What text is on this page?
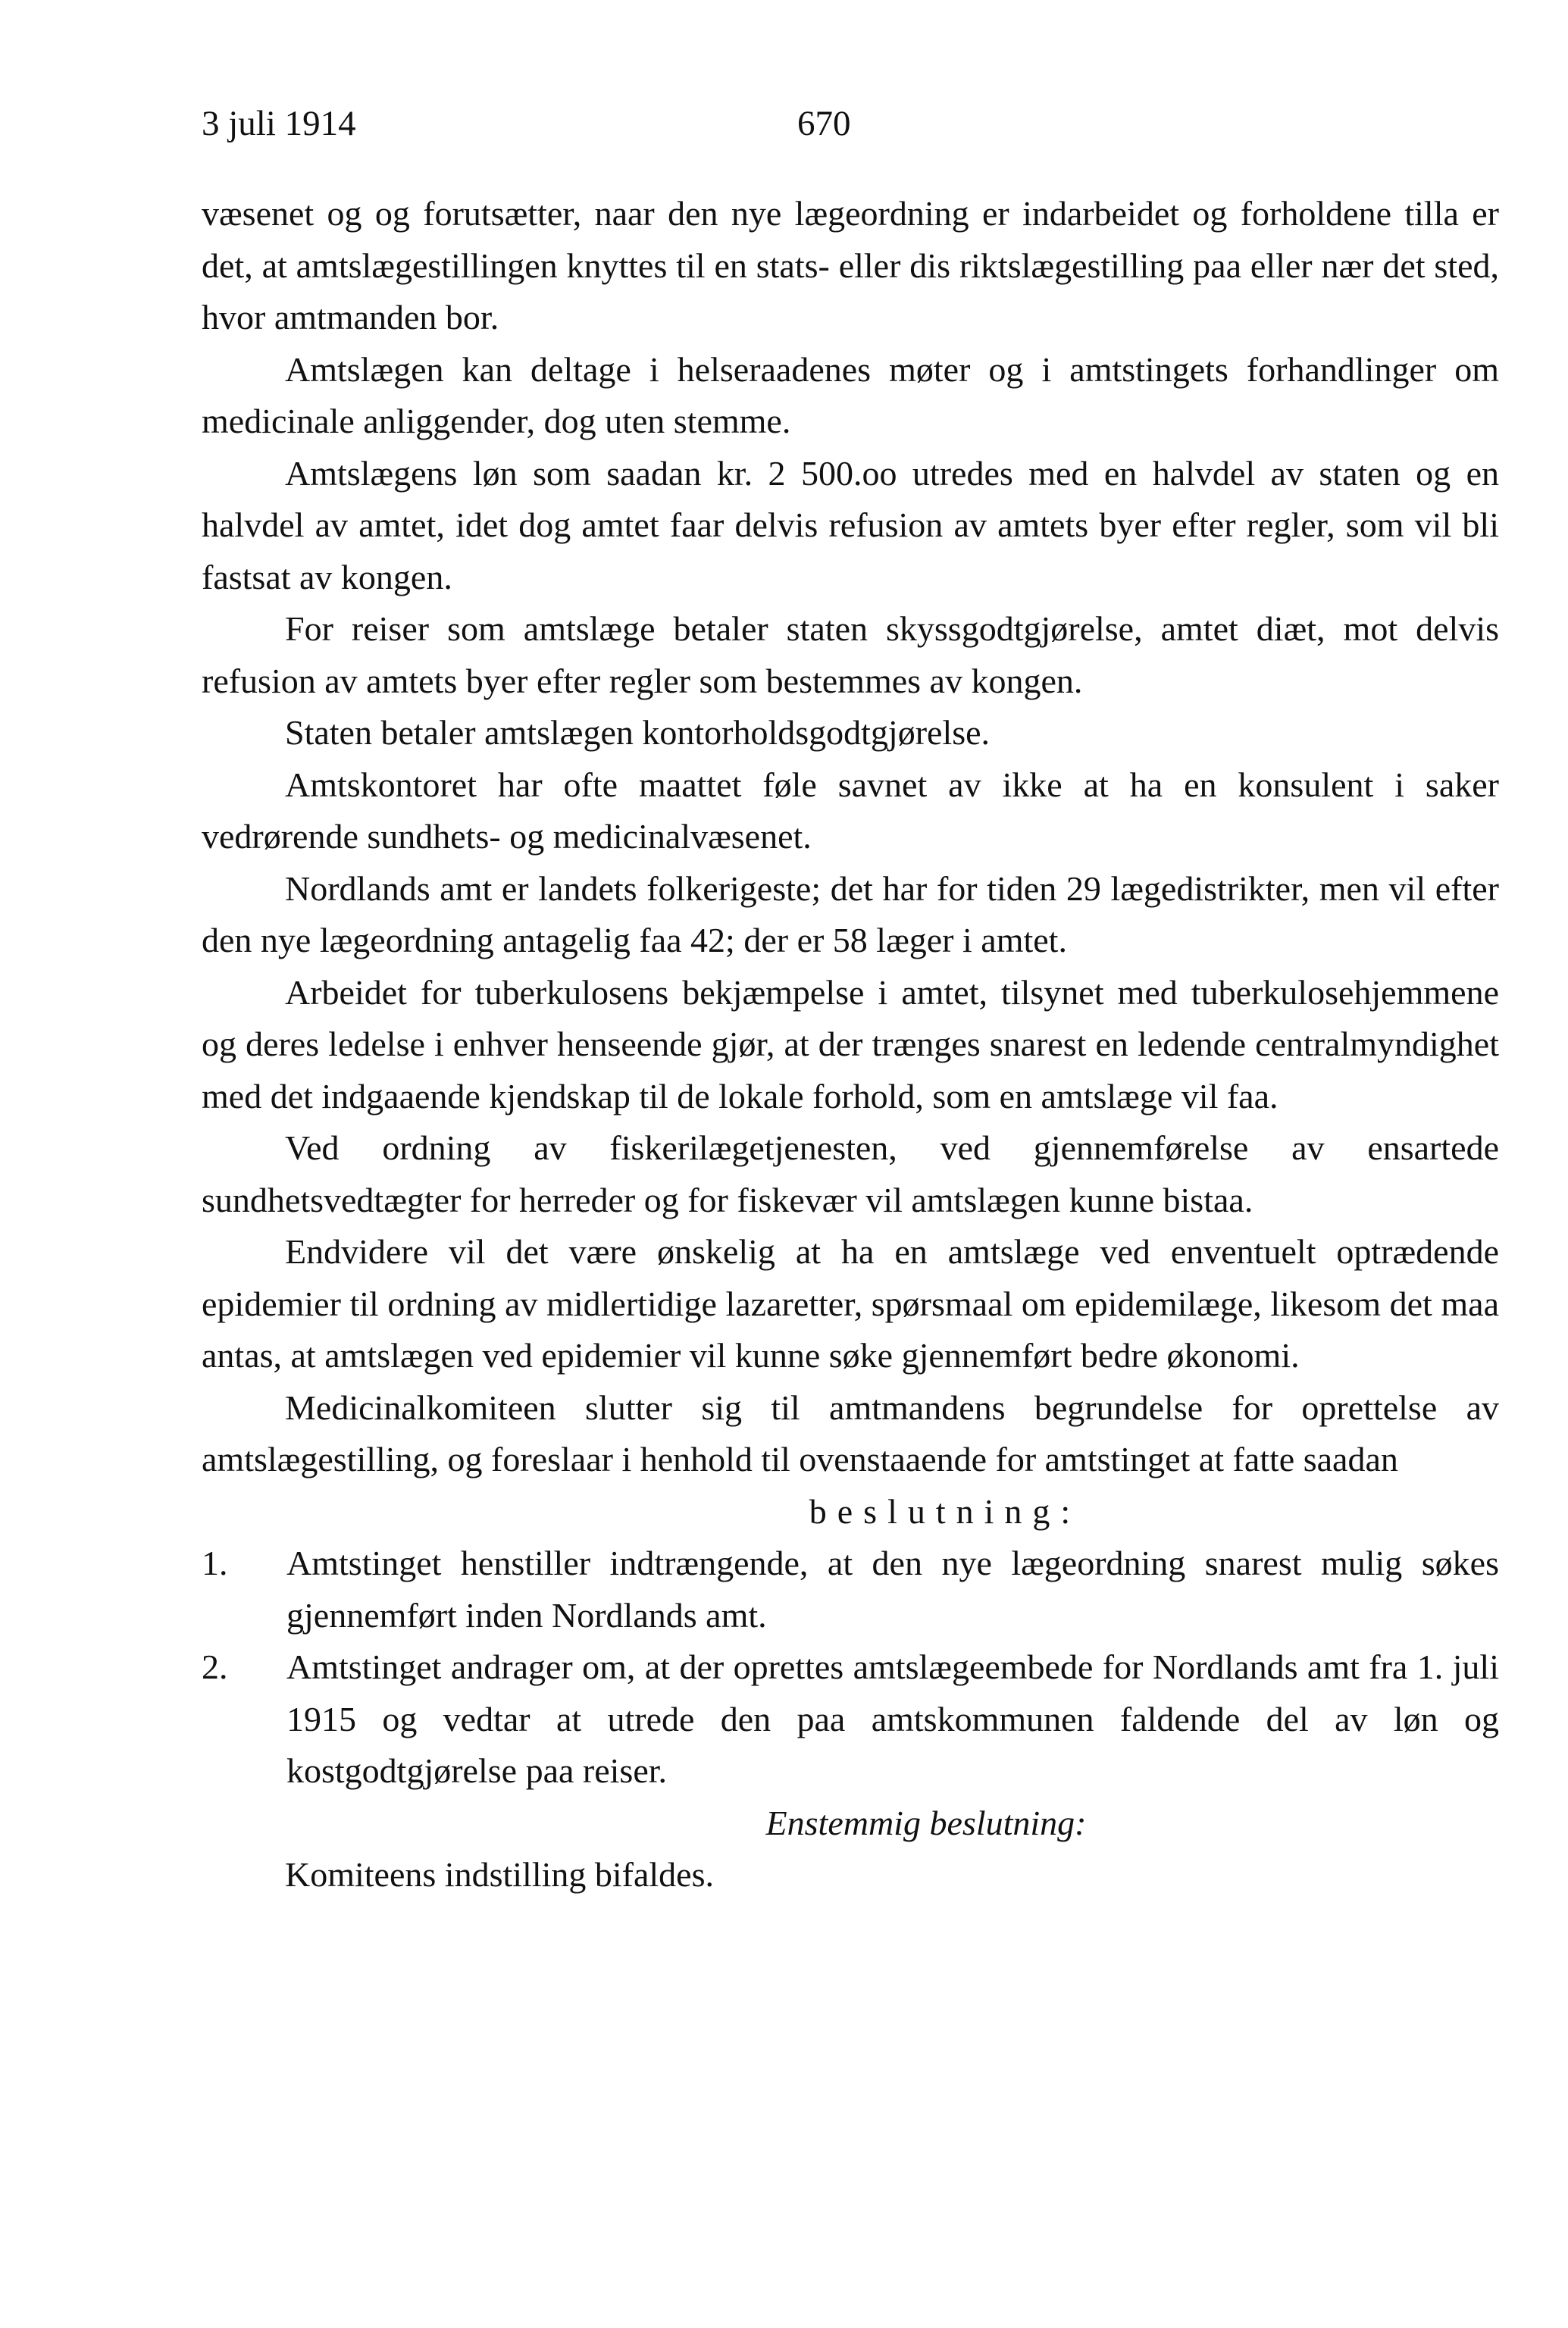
3 juli 1914	670

væsenet og og forutsætter, naar den nye lægeordning er indarbeidet og forholdene tilla er det, at amtslægestillingen knyttes til en stats- eller dis riktslægestilling paa eller nær det sted, hvor amtmanden bor.

Amtslægen kan deltage i helseraadenes møter og i amtstingets forhandlinger om medicinale anliggender, dog uten stemme.

Amtslægens løn som saadan kr. 2 500.oo utredes med en halvdel av staten og en halvdel av amtet, idet dog amtet faar delvis refusion av amtets byer efter regler, som vil bli fastsat av kongen.

For reiser som amtslæge betaler staten skyssgodtgjørelse, amtet diæt, mot delvis refusion av amtets byer efter regler som bestemmes av kongen.

Staten betaler amtslægen kontorholdsgodtgjørelse.

Amtskontoret har ofte maattet føle savnet av ikke at ha en konsulent i saker vedrørende sundhets- og medicinalvæsenet.

Nordlands amt er landets folkerigeste; det har for tiden 29 lægedistrikter, men vil efter den nye lægeordning antagelig faa 42; der er 58 læger i amtet.

Arbeidet for tuberkulosens bekjæmpelse i amtet, tilsynet med tuberkulosehjemmene og deres ledelse i enhver henseende gjør, at der trænges snarest en ledende centralmyndighet med det indgaaende kjendskap til de lokale forhold, som en amtslæge vil faa.

Ved ordning av fiskerilægetjenesten, ved gjennemførelse av ensartede sundhetsvedtægter for herreder og for fiskevær vil amtslægen kunne bistaa.

Endvidere vil det være ønskelig at ha en amtslæge ved enventuelt optrædende epidemier til ordning av midlertidige lazaretter, spørsmaal om epidemilæge, likesom det maa antas, at amtslægen ved epidemier vil kunne søke gjennemført bedre økonomi.

Medicinalkomiteen slutter sig til amtmandens begrundelse for oprettelse av amtslægestilling, og foreslaar i henhold til ovenstaaende for amtstinget at fatte saadan

beslutning:

1. Amtstinget henstiller indtrængende, at den nye lægeordning snarest mulig søkes gjennemført inden Nordlands amt.
2. Amtstinget andrager om, at der oprettes amtslægeembede for Nordlands amt fra 1. juli 1915 og vedtar at utrede den paa amtskommunen faldende del av løn og kostgodtgjørelse paa reiser.

Enstemmig beslutning:

Komiteens indstilling bifaldes.
